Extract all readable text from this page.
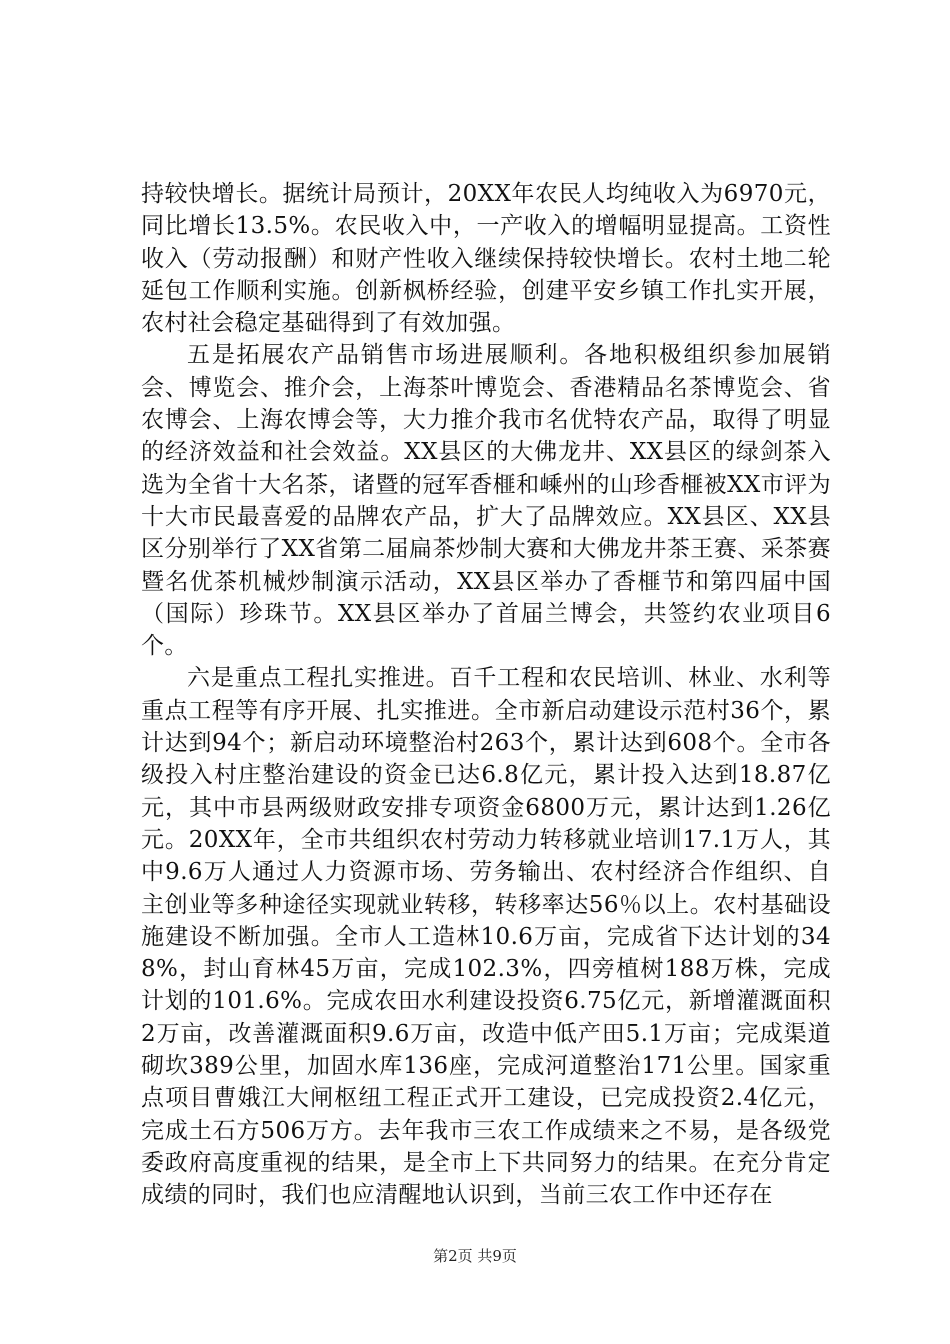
持较快增长。据统计局预计，20XX年农民人均纯收入为6970元，同比增长13.5%。农民收入中，一产收入的增幅明显提高。工资性收入（劳动报酬）和财产性收入继续保持较快增长。农村土地二轮延包工作顺利实施。创新枫桥经验，创建平安乡镇工作扎实开展，农村社会稳定基础得到了有效加强。

五是拓展农产品销售市场进展顺利。各地积极组织参加展销会、博览会、推介会，上海茶叶博览会、香港精品名茶博览会、省农博会、上海农博会等，大力推介我市名优特农产品，取得了明显的经济效益和社会效益。XX县区的大佛龙井、XX县区的绿剑茶入选为全省十大名茶，诸暨的冠军香榧和嵊州的山珍香榧被XX市评为十大市民最喜爱的品牌农产品，扩大了品牌效应。XX县区、XX县区分别举行了XX省第二届扁茶炒制大赛和大佛龙井茶王赛、采茶赛暨名优茶机械炒制演示活动，XX县区举办了香榧节和第四届中国（国际）珍珠节。XX县区举办了首届兰博会，共签约农业项目6个。

六是重点工程扎实推进。百千工程和农民培训、林业、水利等重点工程等有序开展、扎实推进。全市新启动建设示范村36个，累计达到94个；新启动环境整治村263个，累计达到608个。全市各级投入村庄整治建设的资金已达6.8亿元，累计投入达到18.87亿元，其中市县两级财政安排专项资金6800万元，累计达到1.26亿元。20XX年，全市共组织农村劳动力转移就业培训17.1万人，其中9.6万人通过人力资源市场、劳务输出、农村经济合作组织、自主创业等多种途径实现就业转移，转移率达56％以上。农村基础设施建设不断加强。全市人工造林10.6万亩，完成省下达计划的348%，封山育林45万亩，完成102.3%，四旁植树188万株，完成计划的101.6%。完成农田水利建设投资6.75亿元，新增灌溉面积2万亩，改善灌溉面积9.6万亩，改造中低产田5.1万亩；完成渠道砌坎389公里，加固水库136座，完成河道整治171公里。国家重点项目曹娥江大闸枢纽工程正式开工建设，已完成投资2.4亿元，完成土石方506万方。去年我市三农工作成绩来之不易，是各级党委政府高度重视的结果，是全市上下共同努力的结果。在充分肯定成绩的同时，我们也应清醒地认识到，当前三农工作中还存在

第2页 共9页
